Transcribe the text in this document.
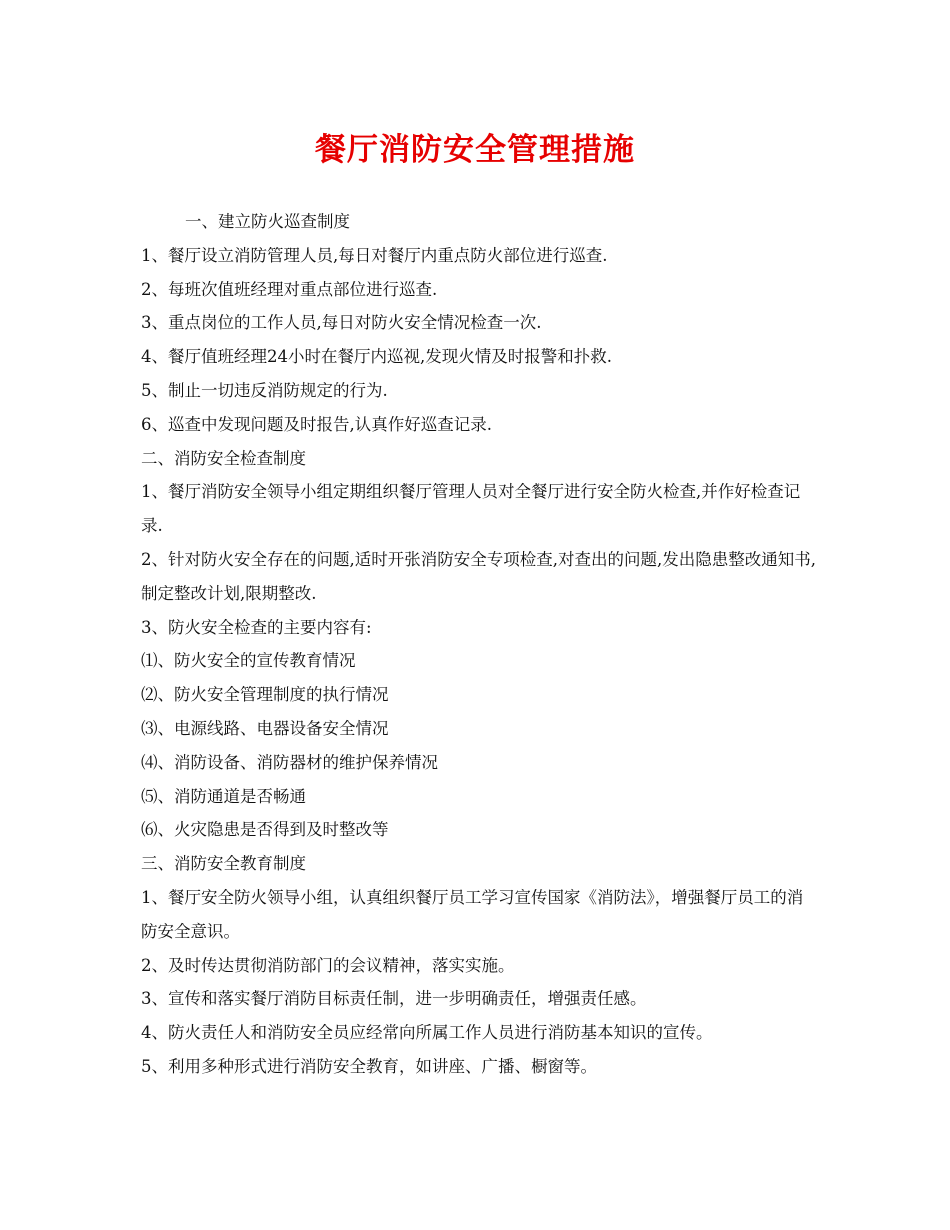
餐厅消防安全管理措施

一、建立防火巡查制度

1、餐厅设立消防管理人员,每日对餐厅内重点防火部位进行巡查.

2、每班次值班经理对重点部位进行巡查.

3、重点岗位的工作人员,每日对防火安全情况检查一次.

4、餐厅值班经理24小时在餐厅内巡视,发现火情及时报警和扑救.

5、制止一切违反消防规定的行为.

6、巡查中发现问题及时报告,认真作好巡查记录.

二、消防安全检查制度

1、餐厅消防安全领导小组定期组织餐厅管理人员对全餐厅进行安全防火检查,并作好检查记录.

2、针对防火安全存在的问题,适时开张消防安全专项检查,对查出的问题,发出隐患整改通知书,制定整改计划,限期整改.

3、防火安全检查的主要内容有:

⑴、防火安全的宣传教育情况

⑵、防火安全管理制度的执行情况

⑶、电源线路、电器设备安全情况

⑷、消防设备、消防器材的维护保养情况

⑸、消防通道是否畅通

⑹、火灾隐患是否得到及时整改等

三、消防安全教育制度

1、餐厅安全防火领导小组，认真组织餐厅员工学习宣传国家《消防法》，增强餐厅员工的消防安全意识。

2、及时传达贯彻消防部门的会议精神，落实实施。

3、宣传和落实餐厅消防目标责任制，进一步明确责任，增强责任感。

4、防火责任人和消防安全员应经常向所属工作人员进行消防基本知识的宣传。

5、利用多种形式进行消防安全教育，如讲座、广播、橱窗等。
